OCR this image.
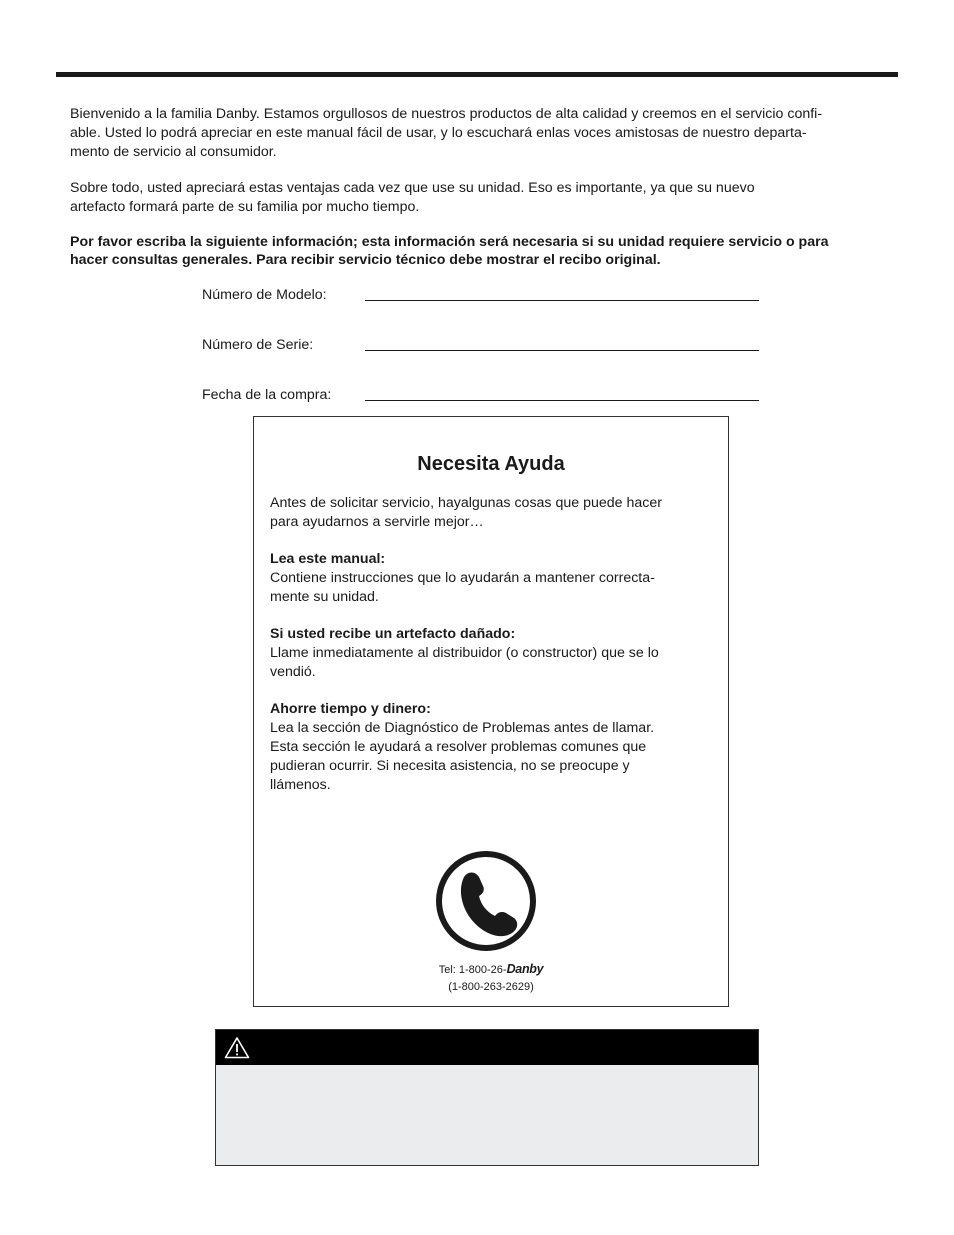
Bienvenido a la familia Danby. Estamos orgullosos de nuestros productos de alta calidad y creemos en el servicio confi-
able. Usted lo podrá apreciar en este manual fácil de usar, y lo escuchará enlas voces amistosas de nuestro departa-
mento de servicio al consumidor.
Sobre todo, usted apreciará estas ventajas cada vez que use su unidad. Eso es importante, ya que su nuevo
artefacto formará parte de su familia por mucho tiempo.
Por favor escriba la siguiente información; esta información será necesaria si su unidad requiere servicio o para
hacer consultas generales. Para recibir servicio técnico debe mostrar el recibo original.
Número de Modelo:
Número de Serie:
Fecha de la compra:
Necesita Ayuda
Antes de solicitar servicio, hayalgunas cosas que puede hacer
para ayudarnos a servirle mejor…
Lea este manual:
Contiene instrucciones que lo ayudarán a mantener correcta-
mente su unidad.
Si usted recibe un artefacto dañado:
Llame inmediatamente al distribuidor (o constructor) que se lo
vendió.
Ahorre tiempo y dinero:
Lea la sección de Diagnóstico de Problemas antes de llamar.
Esta sección le ayudará a resolver problemas comunes que
pudieran ocurrir. Si necesita asistencia, no se preocupe y
llámenos.
Tel: 1-800-26-Danby
(1-800-263-2629)
